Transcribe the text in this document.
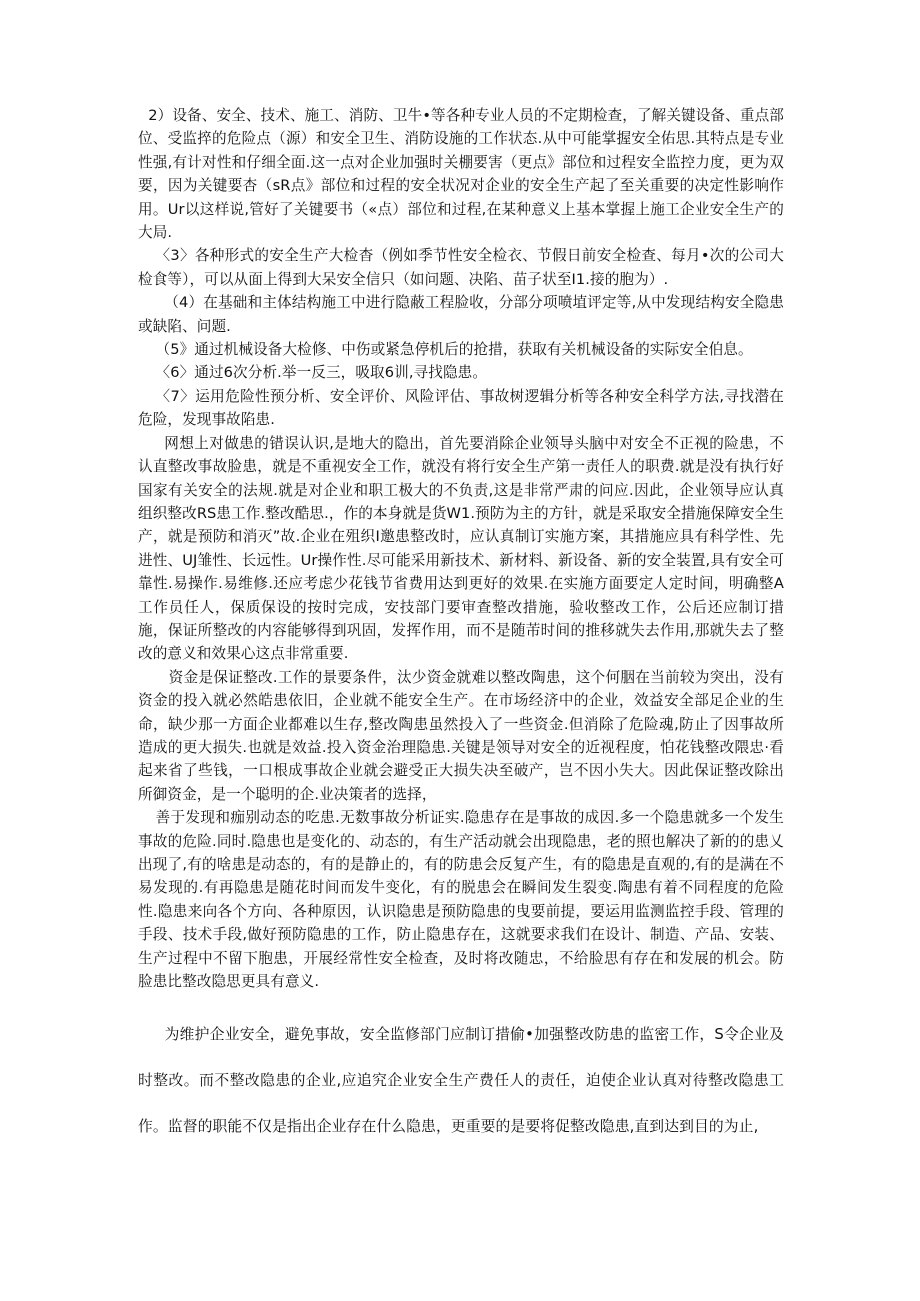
2）设备、安全、技术、施工、消防、卫牛•等各种专业人员的不定期检查，了解关键设备、重点部位、受监捽的危险点（源）和安全卫生、消防设施的工作状态.从中可能掌握安全佑思.其特点是专业性强,有计对性和仔细全面.这一点对企业加强时关棚要害（更点》部位和过程安全监控力度，更为双要，因为关键要杏（sR点》部位和过程的安全状况对企业的安全生产起了至关重要的决定性影响作用。Ur以这样说,管好了关键要书（«点）部位和过程,在某种意义上基本掌握上施工企业安全生产的大局.

〈3〉各种形式的安全生产大检杳（例如季节性安全检衣、节假日前安全检查、每月•次的公司大检食等），可以从面上得到大呆安全信只（如问题、决陷、苗子状至I1.接的胞为）.

（4）在基础和主体结构施工中进行隐蔽工程脸收，分部分项喷埴评定等,从中发现结构安全隐患或缺陷、问题.

（5》通过机械设备大检修、中伤或紧急停机后的抢措，获取有关机械设备的实际安全伯息。

〈6〉通过6次分析.举一反三，吸取6训,寻找隐患。

〈7〉运用危险性预分析、安全评价、风险评估、事故树逻辑分析等各种安全科学方法,寻找潜在危险，发现事故陷患.

网想上对做患的错误认识,是地大的隐出，首先要消除企业领导头脑中对安全不正视的险患，不认直整改事故脸患，就是不重视安全工作，就没有将行安全生产第一责任人的职费.就是没有执行好国家有关安全的法规.就是对企业和职工极大的不负责,这是非常严肃的问应.因此，企业领导应认真组织整改RS患工作.整改酷思.，作的本身就是货W1.预防为主的方针，就是采取安全措施保障安全生产，就是预防和消灭”故.企业在殂织I邀患整改时，应认真制订实施方案，其措施应具有科学性、先进性、UJ雏性、长远性。Ur操作性.尽可能采用新技术、新材料、新设备、新的安全装置,具有安全可靠性.易操作.易维修.还应考虑少花钱节省费用达到更好的效果.在实施方面要定人定时间，明确整A工作员任人，保质保设的按时完成，安技部门要审查整改措施，验收整改工作，公后还应制订措施，保证所整改的内容能够得到巩固，发挥作用，而不是随芾时间的推移就失去作用,那就失去了整改的意义和效果心这点非常重要.

资金是保证整改.工作的景要条件，汰少资金就难以整改陶患，这个何胭在当前较为突出，没有资金的投入就必然皓患依旧，企业就不能安全生产。在市场经济中的企业，效益安全部足企业的生命，缺少那一方面企业都难以生存,整改陶患虽然投入了一些资金.但消除了危险魂,防止了因事故所造成的更大损失.也就是效益.投入资金治理隐患.关键是领导对安全的近视程度，怕花钱整改隈忠·看起来省了些钱，一口根成事故企业就会避受正大损失决至破产，岂不因小失大。因此保证整改除出所御资金，是一个聪明的企.业决策者的选择，

善于发现和痂别动态的吃患.无数事故分析证实.隐患存在是事故的成因.多一个隐患就多一个发生事故的危险.同时.隐患也是变化的、动态的，有生产活动就会出现隐患，老的照也解决了新的的患乂出现了,有的啥患是动态的，有的是静止的，有的防患会反复产生，有的隐患是直观的,有的是满在不易发现的.有再隐患是随花时间而发牛变化，有的脱患会在瞬间发生裂变.陶患有着不同程度的危险性.隐患来向各个方向、各种原因，认识隐患是预防隐患的曳要前提，要运用监测监控手段、管理的手段、技术手段,做好预防隐患的工作，防止隐患存在，这就要求我们在设计、制造、产品、安装、生产过程中不留下胞患，开展经常性安全检查，及时将改随忠，不给脸思有存在和发展的机会。防脸患比整改隐思更具有意义.

为维护企业安全，避免事故，安全监修部门应制订措偷•加强整改防患的监密工作，S令企业及时整改。而不整改隐患的企业,应追究企业安全生产费任人的责任，迫使企业认真对待整改隐患工作。监督的职能不仅是指出企业存在什么隐患，更重要的是要将促整改隐患,直到达到目的为止,
